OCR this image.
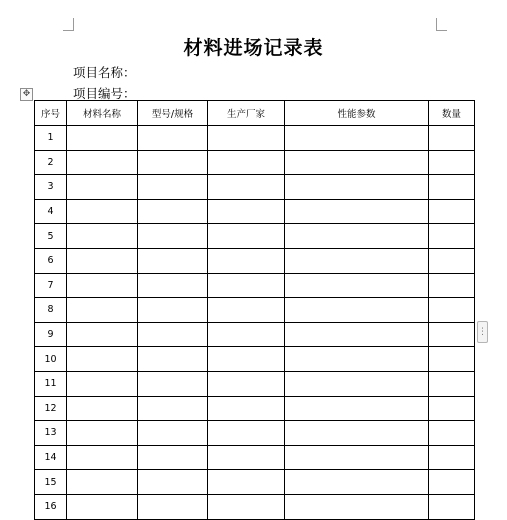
材料进场记录表
项目名称：
项目编号：
✥
序号	材料名称	型号/规格	生产厂家	性能参数	数量
1					
2					
3					
4					
5					
6					
7					
8					
9					
10					
11					
12					
13					
14					
15					
16					
⋮
